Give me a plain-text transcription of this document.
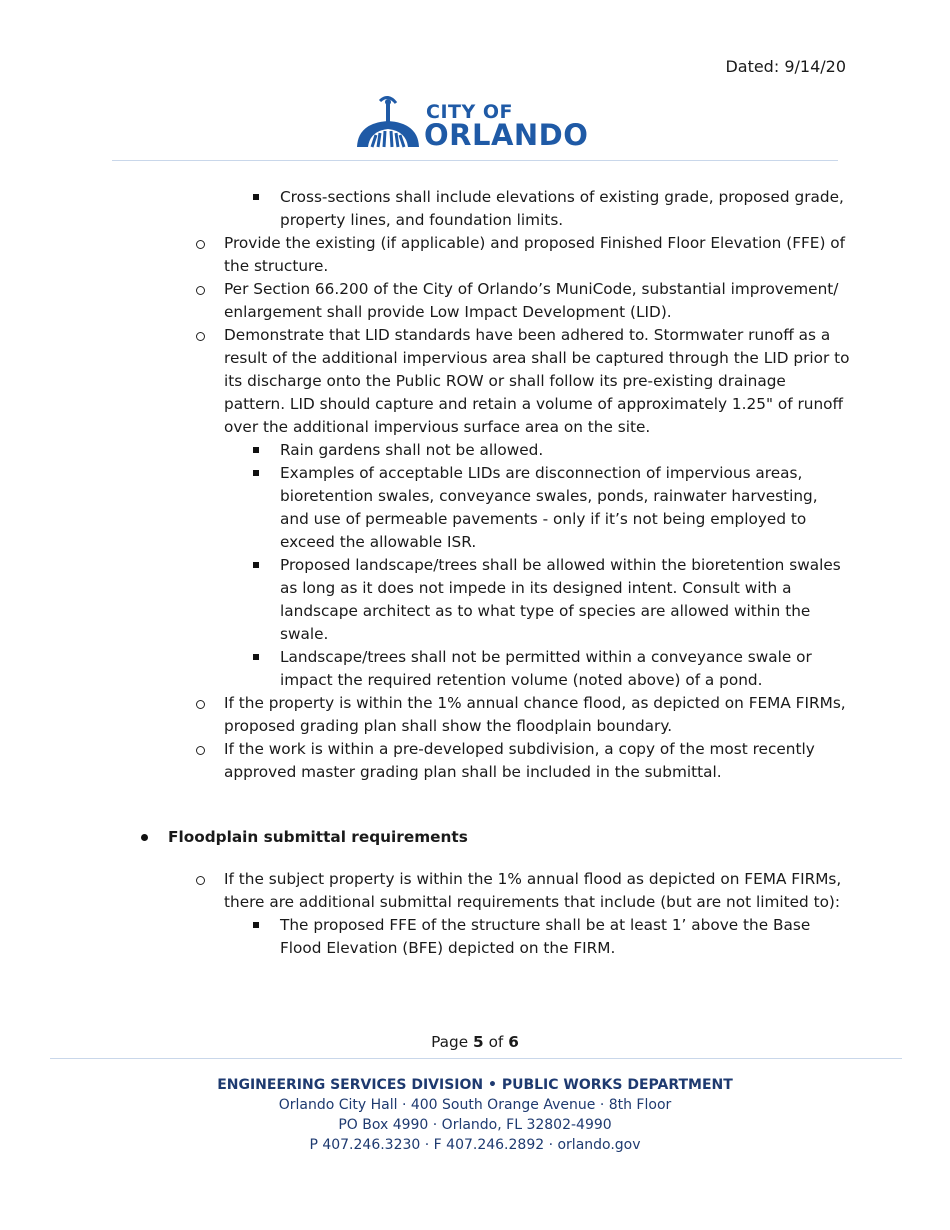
Dated: 9/14/20
CITY OF
ORLANDO
Cross-sections shall include elevations of existing grade, proposed grade, property lines, and foundation limits.
Provide the existing (if applicable) and proposed Finished Floor Elevation (FFE) of the structure.
Per Section 66.200 of the City of Orlando’s MuniCode, substantial improvement/ enlargement shall provide Low Impact Development (LID).
Demonstrate that LID standards have been adhered to. Stormwater runoff as a result of the additional impervious area shall be captured through the LID prior to its discharge onto the Public ROW or shall follow its pre-existing drainage pattern. LID should capture and retain a volume of approximately 1.25" of runoff over the additional impervious surface area on the site.
Rain gardens shall not be allowed.
Examples of acceptable LIDs are disconnection of impervious areas, bioretention swales, conveyance swales, ponds, rainwater harvesting, and use of permeable pavements - only if it’s not being employed to exceed the allowable ISR.
Proposed landscape/trees shall be allowed within the bioretention swales as long as it does not impede in its designed intent. Consult with a landscape architect as to what type of species are allowed within the swale.
Landscape/trees shall not be permitted within a conveyance swale or impact the required retention volume (noted above) of a pond.
If the property is within the 1% annual chance flood, as depicted on FEMA FIRMs, proposed grading plan shall show the floodplain boundary.
If the work is within a pre-developed subdivision, a copy of the most recently approved master grading plan shall be included in the submittal.
Floodplain submittal requirements
If the subject property is within the 1% annual flood as depicted on FEMA FIRMs, there are additional submittal requirements that include (but are not limited to):
The proposed FFE of the structure shall be at least 1’ above the Base Flood Elevation (BFE) depicted on the FIRM.
Page 5 of 6
ENGINEERING SERVICES DIVISION • PUBLIC WORKS DEPARTMENT
Orlando City Hall · 400 South Orange Avenue · 8th Floor
PO Box 4990 · Orlando, FL 32802-4990
P 407.246.3230 · F 407.246.2892 · orlando.gov
